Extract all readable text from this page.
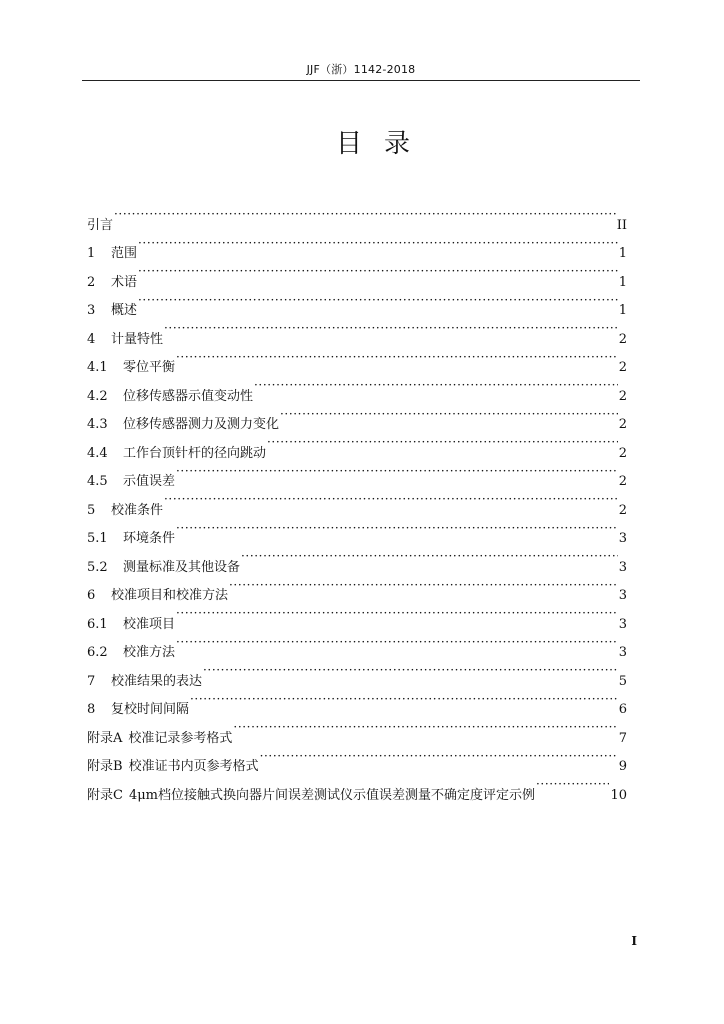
JJF（浙）1142-2018
目录
引言 ·····	II
1	范围 ·····	1
2	术语 ·····	1
3	概述 ·····	1
4	计量特性 ·····	2
4.1	零位平衡 ·····	2
4.2	位移传感器示值变动性 ·····	2
4.3	位移传感器测力及测力变化 ·····	2
4.4	工作台顶针杆的径向跳动 ·····	2
4.5	示值误差 ·····	2
5	校准条件 ·····	2
5.1	环境条件 ·····	3
5.2	测量标准及其他设备 ·····	3
6	校准项目和校准方法 ·····	3
6.1	校准项目 ·····	3
6.2	校准方法 ·····	3
7	校准结果的表达 ·····	5
8	复校时间间隔 ·····	6
附录A 校准记录参考格式 ·····	7
附录B 校准证书内页参考格式 ·····	9
附录C 4μm档位接触式换向器片间误差测试仪示值误差测量不确定度评定示例 ·····	10
I
